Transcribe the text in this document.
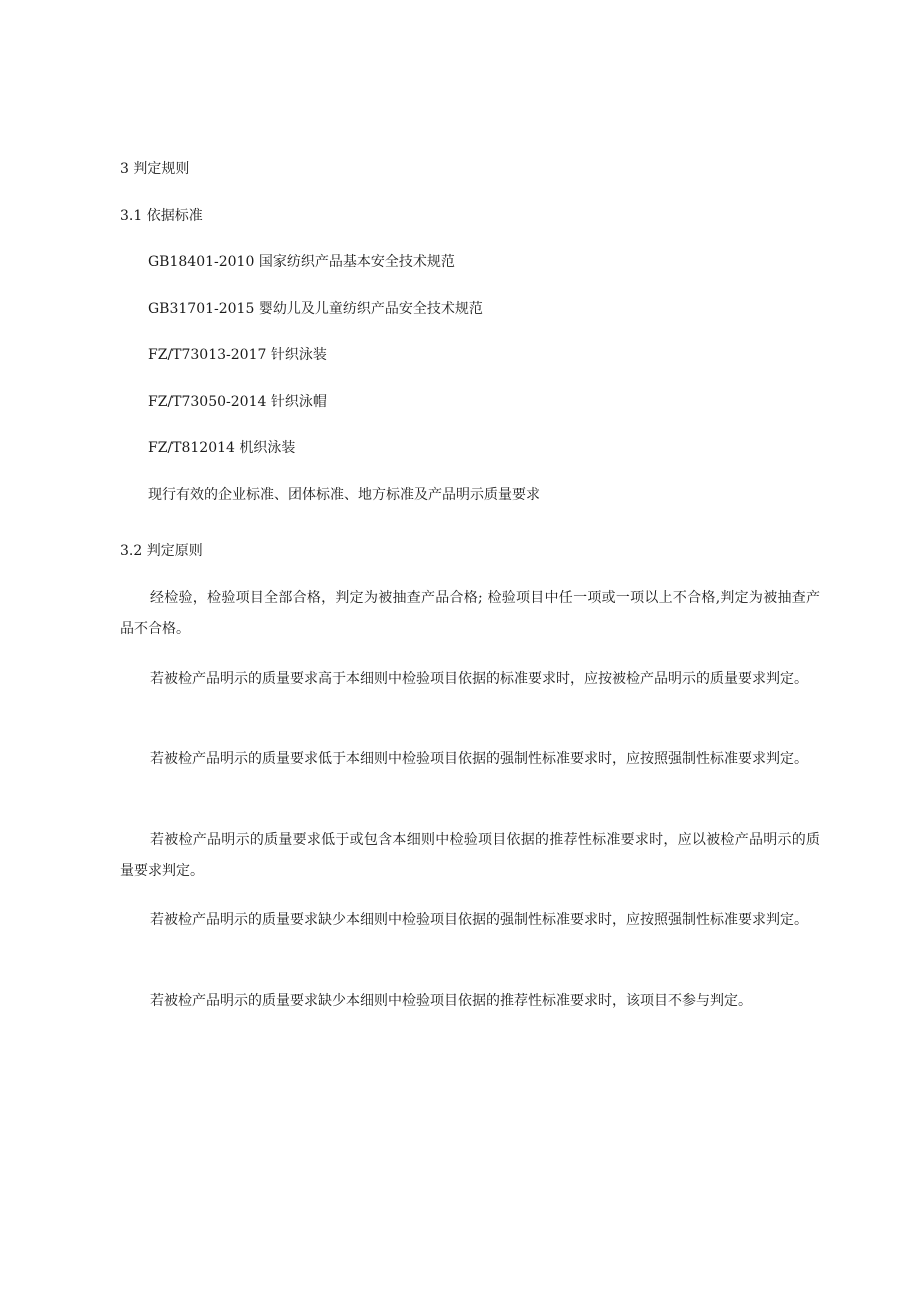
3 判定规则
3.1 依据标准
GB18401-2010 国家纺织产品基本安全技术规范
GB31701-2015 婴幼儿及儿童纺织产品安全技术规范
FZ/T73013-2017 针织泳装
FZ/T73050-2014 针织泳帽
FZ/T812014 机织泳装
现行有效的企业标准、团体标准、地方标准及产品明示质量要求
3.2 判定原则
经检验，检验项目全部合格，判定为被抽查产品合格; 检验项目中任一项或一项以上不合格,判定为被抽查产品不合格。
若被检产品明示的质量要求高于本细则中检验项目依据的标准要求时，应按被检产品明示的质量要求判定。
若被检产品明示的质量要求低于本细则中检验项目依据的强制性标准要求时，应按照强制性标准要求判定。
若被检产品明示的质量要求低于或包含本细则中检验项目依据的推荐性标准要求时，应以被检产品明示的质量要求判定。
若被检产品明示的质量要求缺少本细则中检验项目依据的强制性标准要求时，应按照强制性标准要求判定。
若被检产品明示的质量要求缺少本细则中检验项目依据的推荐性标准要求时，该项目不参与判定。
